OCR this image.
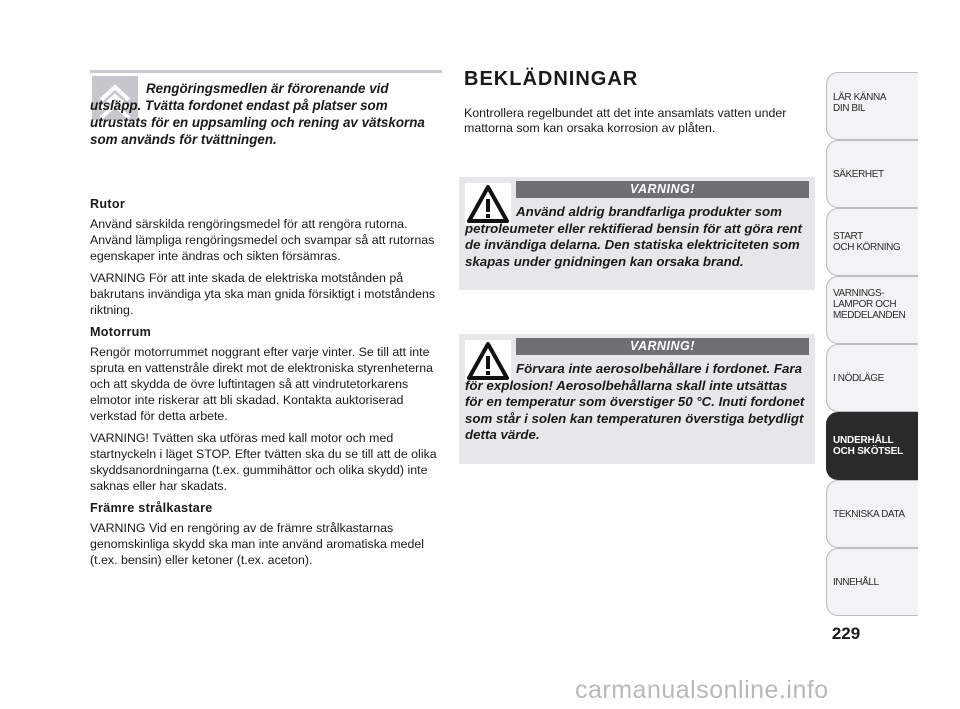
Rengöringsmedlen är förorenande vid utsläpp. Tvätta fordonet endast på platser som utrustats för en uppsamling och rening av vätskorna som används för tvättningen.
Rutor

Använd särskilda rengöringsmedel för att rengöra rutorna. Använd lämpliga rengöringsmedel och svampar så att rutornas egenskaper inte ändras och sikten försämras.

VARNING För att inte skada de elektriska motstånden på bakrutans invändiga yta ska man gnida försiktigt i motståndens riktning.

Motorrum

Rengör motorrummet noggrant efter varje vinter. Se till att inte spruta en vattenstråle direkt mot de elektroniska styrenheterna och att skydda de övre luftintagen så att vindrutetorkarens elmotor inte riskerar att bli skadad. Kontakta auktoriserad verkstad för detta arbete.

VARNING! Tvätten ska utföras med kall motor och med startnyckeln i läget STOP. Efter tvätten ska du se till att de olika skyddsanordningarna (t.ex. gummihättor och olika skydd) inte saknas eller har skadats.

Främre strålkastare

VARNING Vid en rengöring av de främre strålkastarnas genomskinliga skydd ska man inte använd aromatiska medel (t.ex. bensin) eller ketoner (t.ex. aceton).

BEKLÄDNINGAR
Kontrollera regelbundet att det inte ansamlats vatten under mattorna som kan orsaka korrosion av plåten.
VARNING!
Använd aldrig brandfarliga produkter som petroleumeter eller rektifierad bensin för att göra rent de invändiga delarna. Den statiska elektriciteten som skapas under gnidningen kan orsaka brand.
VARNING!
Förvara inte aerosolbehållare i fordonet. Fara för explosion! Aerosolbehållarna skall inte utsättas för en temperatur som överstiger 50 °C. Inuti fordonet som står i solen kan temperaturen överstiga betydligt detta värde.
LÄR KÄNNA
DIN BIL
SÄKERHET
START
OCH KÖRNING
VARNINGS-
LAMPOR OCH
MEDDELANDEN
I NÖDLÄGE
UNDERHÅLL
OCH SKÖTSEL
TEKNISKA DATA
INNEHÅLL
229
carmanualsonline.info
